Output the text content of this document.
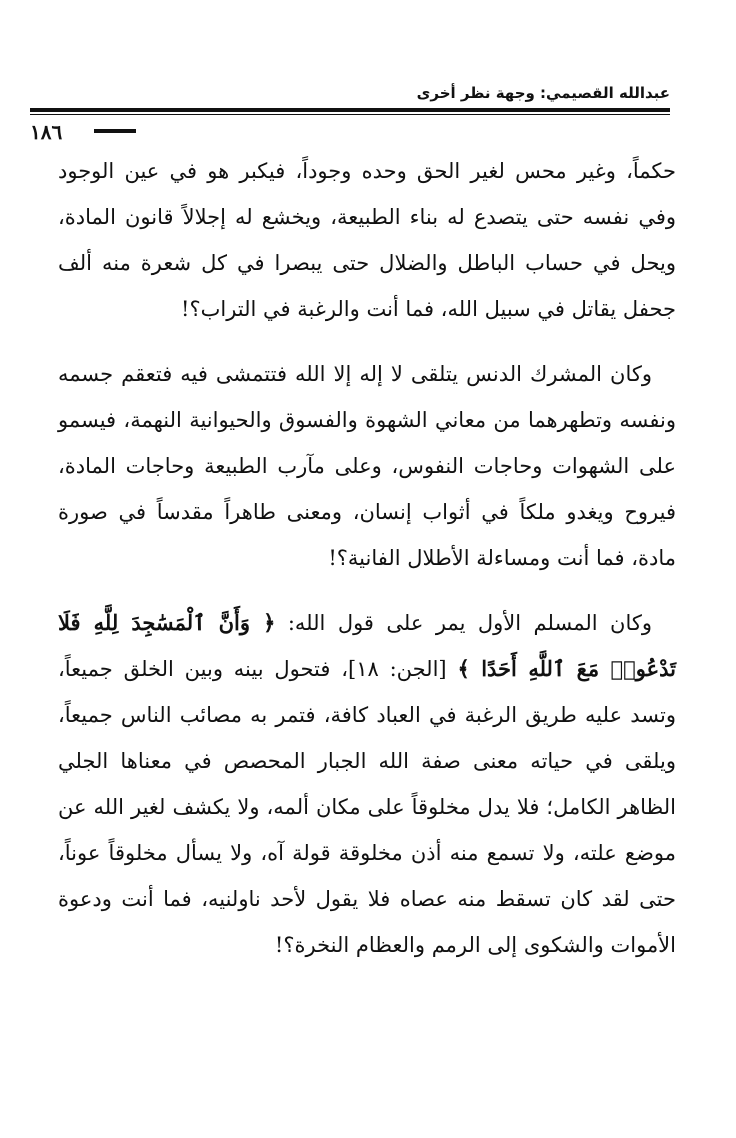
عبدالله القصيمي: وجهة نظر أخرى
١٨٦

حكماً، وغير محس لغير الحق وحده وجوداً، فيكبر هو في عين الوجود وفي نفسه حتى يتصدع له بناء الطبيعة، ويخشع له إجلالاً قانون المادة، ويحل في حساب الباطل والضلال حتى يبصرا في كل شعرة منه ألف جحفل يقاتل في سبيل الله، فما أنت والرغبة في التراب؟!

وكان المشرك الدنس يتلقى لا إله إلا الله فتتمشى فيه فتعقم جسمه ونفسه وتطهرهما من معاني الشهوة والفسوق والحيوانية النهمة، فيسمو على الشهوات وحاجات النفوس، وعلى مآرب الطبيعة وحاجات المادة، فيروح ويغدو ملكاً في أثواب إنسان، ومعنى طاهراً مقدساً في صورة مادة، فما أنت ومساءلة الأطلال الفانية؟!

وكان المسلم الأول يمر على قول الله: ﴿ وَأَنَّ ٱلْمَسَٰجِدَ لِلَّهِ فَلَا تَدْعُوا۟ مَعَ ٱللَّهِ أَحَدًا ﴾ [الجن: ١٨]، فتحول بينه وبين الخلق جميعاً، وتسد عليه طريق الرغبة في العباد كافة، فتمر به مصائب الناس جميعاً، ويلقى في حياته معنى صفة الله الجبار المحصص في معناها الجلي الظاهر الكامل؛ فلا يدل مخلوقاً على مكان ألمه، ولا يكشف لغير الله عن موضع علته، ولا تسمع منه أذن مخلوقة قولة آه، ولا يسأل مخلوقاً عوناً، حتى لقد كان تسقط منه عصاه فلا يقول لأحد ناولنيه، فما أنت ودعوة الأموات والشكوى إلى الرمم والعظام النخرة؟!
